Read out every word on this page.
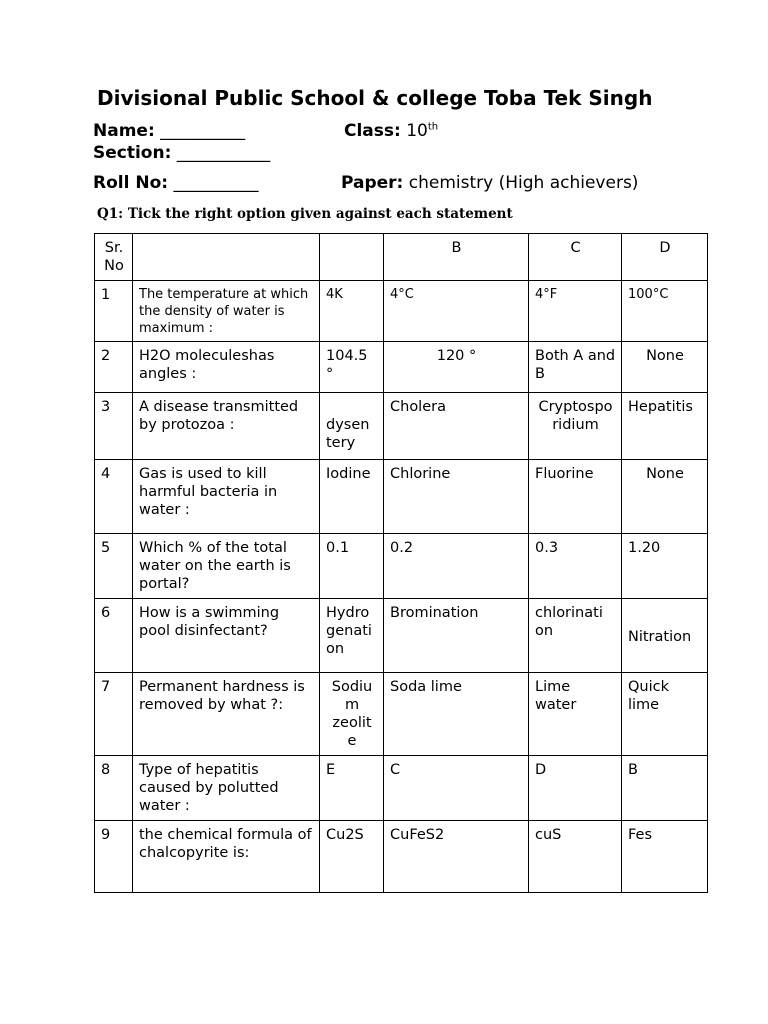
Divisional Public School & college Toba Tek Singh
Name: __________	Class: 10th
Section: ___________
Roll No: __________	Paper: chemistry (High achievers)
Q1: Tick the right option given against each statement
Sr. No			B	C	D
1	The temperature at which the density of water is maximum :	4K	4°C	4°F	100°C
2	H2O moleculeshas angles :	104.5 °	120 °	Both A and B	None
3	A disease transmitted by protozoa :	dysen tery	Cholera	Cryptospo ridium	Hepatitis
4	Gas is used to kill harmful bacteria in water :	Iodine	Chlorine	Fluorine	None
5	Which % of the total water on the earth is portal?	0.1	0.2	0.3	1.20
6	How is a swimming pool disinfectant?	Hydro genati on	Bromination	chlorinati on	Nitration
7	Permanent hardness is removed by what ?:	Sodiu m zeolit e	Soda lime	Lime water	Quick lime
8	Type of hepatitis caused by polutted water :	E	C	D	B
9	the chemical formula of chalcopyrite is:	Cu2S	CuFeS2	cuS	Fes
